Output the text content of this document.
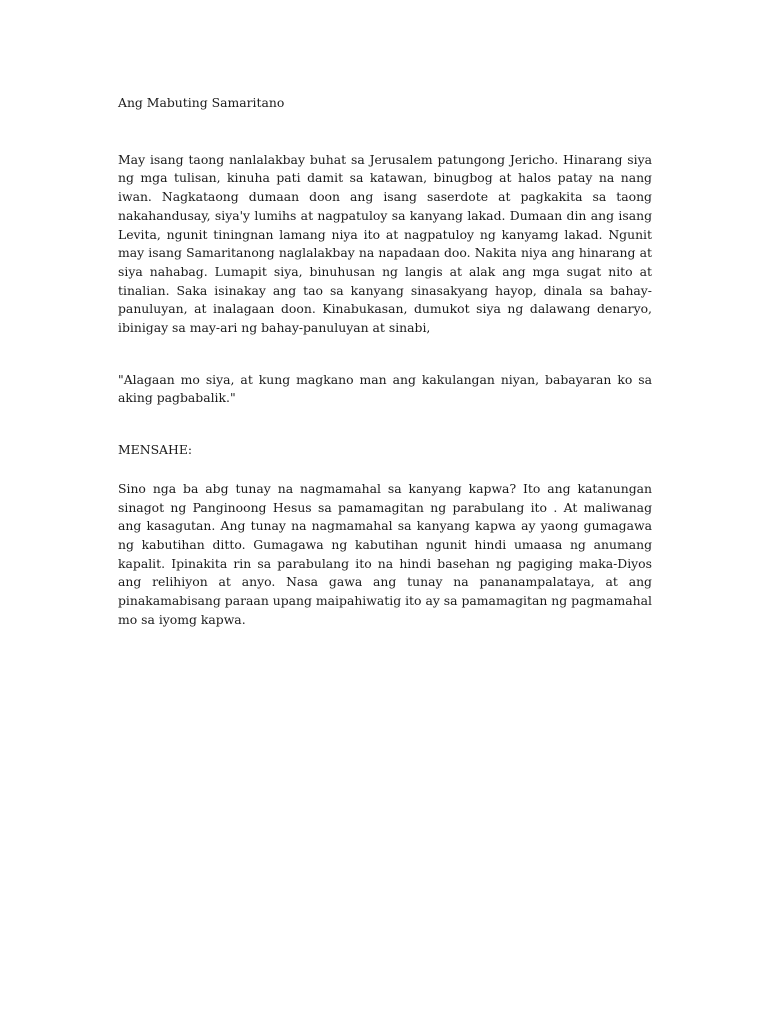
Ang Mabuting Samaritano

May isang taong nanlalakbay buhat sa Jerusalem patungong Jericho. Hinarang siya ng mga tulisan, kinuha pati damit sa katawan, binugbog at halos patay na nang iwan. Nagkataong dumaan doon ang isang saserdote at pagkakita sa taong nakahandusay, siya'y lumihs at nagpatuloy sa kanyang lakad. Dumaan din ang isang Levita, ngunit tiningnan lamang niya ito at nagpatuloy ng kanyamg lakad. Ngunit may isang Samaritanong naglalakbay na napadaan doo. Nakita niya ang hinarang at siya nahabag. Lumapit siya, binuhusan ng langis at alak ang mga sugat nito at tinalian. Saka isinakay ang tao sa kanyang sinasakyang hayop, dinala sa bahay-panuluyan, at inalagaan doon. Kinabukasan, dumukot siya ng dalawang denaryo, ibinigay sa may-ari ng bahay-panuluyan at sinabi,

"Alagaan mo siya, at kung magkano man ang kakulangan niyan, babayaran ko sa aking pagbabalik."

MENSAHE:

Sino nga ba abg tunay na nagmamahal sa kanyang kapwa? Ito ang katanungan sinagot ng Panginoong Hesus sa pamamagitan ng parabulang ito . At maliwanag ang kasagutan. Ang tunay na nagmamahal sa kanyang kapwa ay yaong gumagawa ng kabutihan ditto. Gumagawa ng kabutihan ngunit hindi umaasa ng anumang kapalit. Ipinakita rin sa parabulang ito na hindi basehan ng pagiging maka-Diyos ang relihiyon at anyo. Nasa gawa ang tunay na pananampalataya, at ang pinakamabisang paraan upang maipahiwatig ito ay sa pamamagitan ng pagmamahal mo sa iyomg kapwa.
